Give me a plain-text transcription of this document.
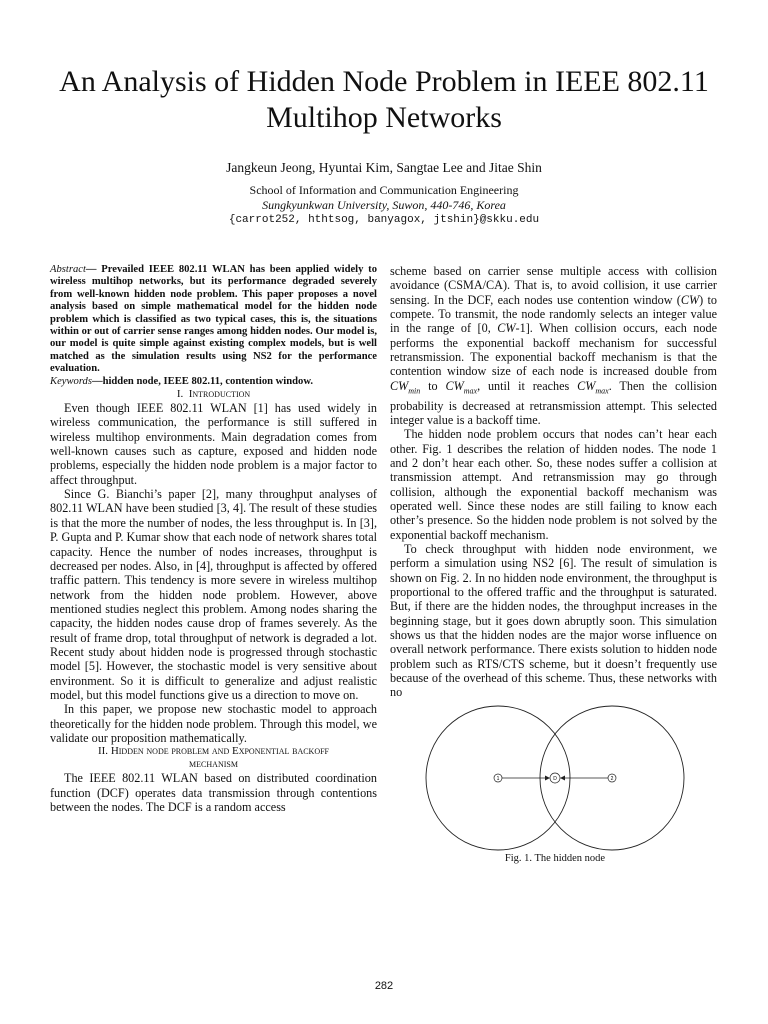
An Analysis of Hidden Node Problem in IEEE 802.11 Multihop Networks
Jangkeun Jeong, Hyuntai Kim, Sangtae Lee and Jitae Shin
School of Information and Communication Engineering
Sungkyunkwan University, Suwon, 440-746, Korea
{carrot252, hthtsog, banyagox, jtshin}@skku.edu

Abstract— Prevailed IEEE 802.11 WLAN has been applied widely to wireless multihop networks, but its performance degraded severely from well-known hidden node problem. This paper proposes a novel analysis based on simple mathematical model for the hidden node problem which is classified as two typical cases, this is, the situations within or out of carrier sense ranges among hidden nodes. Our model is, our model is quite simple against existing complex models, but is well matched as the simulation results using NS2 for the performance evaluation.

Keywords—hidden node, IEEE 802.11, contention window.

I. Introduction

Even though IEEE 802.11 WLAN [1] has used widely in wireless communication, the performance is still suffered in wireless multihop environments. Main degradation comes from well-known causes such as capture, exposed and hidden node problems, especially the hidden node problem is a major factor to affect throughput.

Since G. Bianchi’s paper [2], many throughput analyses of 802.11 WLAN have been studied [3, 4]. The result of these studies is that the more the number of nodes, the less throughput is. In [3], P. Gupta and P. Kumar show that each node of network shares total capacity. Hence the number of nodes increases, throughput is decreased per nodes. Also, in [4], throughput is affected by offered traffic pattern. This tendency is more severe in wireless multihop network from the hidden node problem. However, above mentioned studies neglect this problem. Among nodes sharing the capacity, the hidden nodes cause drop of frames severely. As the result of frame drop, total throughput of network is degraded a lot. Recent study about hidden node is progressed through stochastic model [5]. However, the stochastic model is very sensitive about environment. So it is difficult to generalize and adjust realistic model, but this model functions give us a direction to move on.

In this paper, we propose new stochastic model to approach theoretically for the hidden node problem. Through this model, we validate our proposition mathematically.

II. Hidden node problem and Exponential backoff
mechanism

The IEEE 802.11 WLAN based on distributed coordination function (DCF) operates data transmission through contentions between the nodes. The DCF is a random access

scheme based on carrier sense multiple access with collision avoidance (CSMA/CA). That is, to avoid collision, it use carrier sensing. In the DCF, each nodes use contention window (CW) to compete. To transmit, the node randomly selects an integer value in the range of [0, CW-1]. When collision occurs, each node performs the exponential backoff mechanism for successful retransmission. The exponential backoff mechanism is that the contention window size of each node is increased double from $CW_{min}$ to $CW_{max}$, until it reaches $CW_{max}$. Then the collision probability is decreased at retransmission attempt. This selected integer value is a backoff time.

The hidden node problem occurs that nodes can’t hear each other. Fig. 1 describes the relation of hidden nodes. The node 1 and 2 don’t hear each other. So, these nodes suffer a collision at transmission attempt. And retransmission may go through collision, although the exponential backoff mechanism was operated well. Since these nodes are still failing to know each other’s presence. So the hidden node problem is not solved by the exponential backoff mechanism.

To check throughput with hidden node environment, we perform a simulation using NS2 [6]. The result of simulation is shown on Fig. 2. In no hidden node environment, the throughput is proportional to the offered traffic and the throughput is saturated. But, if there are the hidden nodes, the throughput increases in the beginning stage, but it goes down abruptly soon. This simulation shows us that the hidden nodes are the major worse influence on overall network performance. There exists solution to hidden node problem such as RTS/CTS scheme, but it doesn’t frequently use because of the overhead of this scheme. Thus, these networks with no

1	D	2
Fig. 1. The hidden node
282
